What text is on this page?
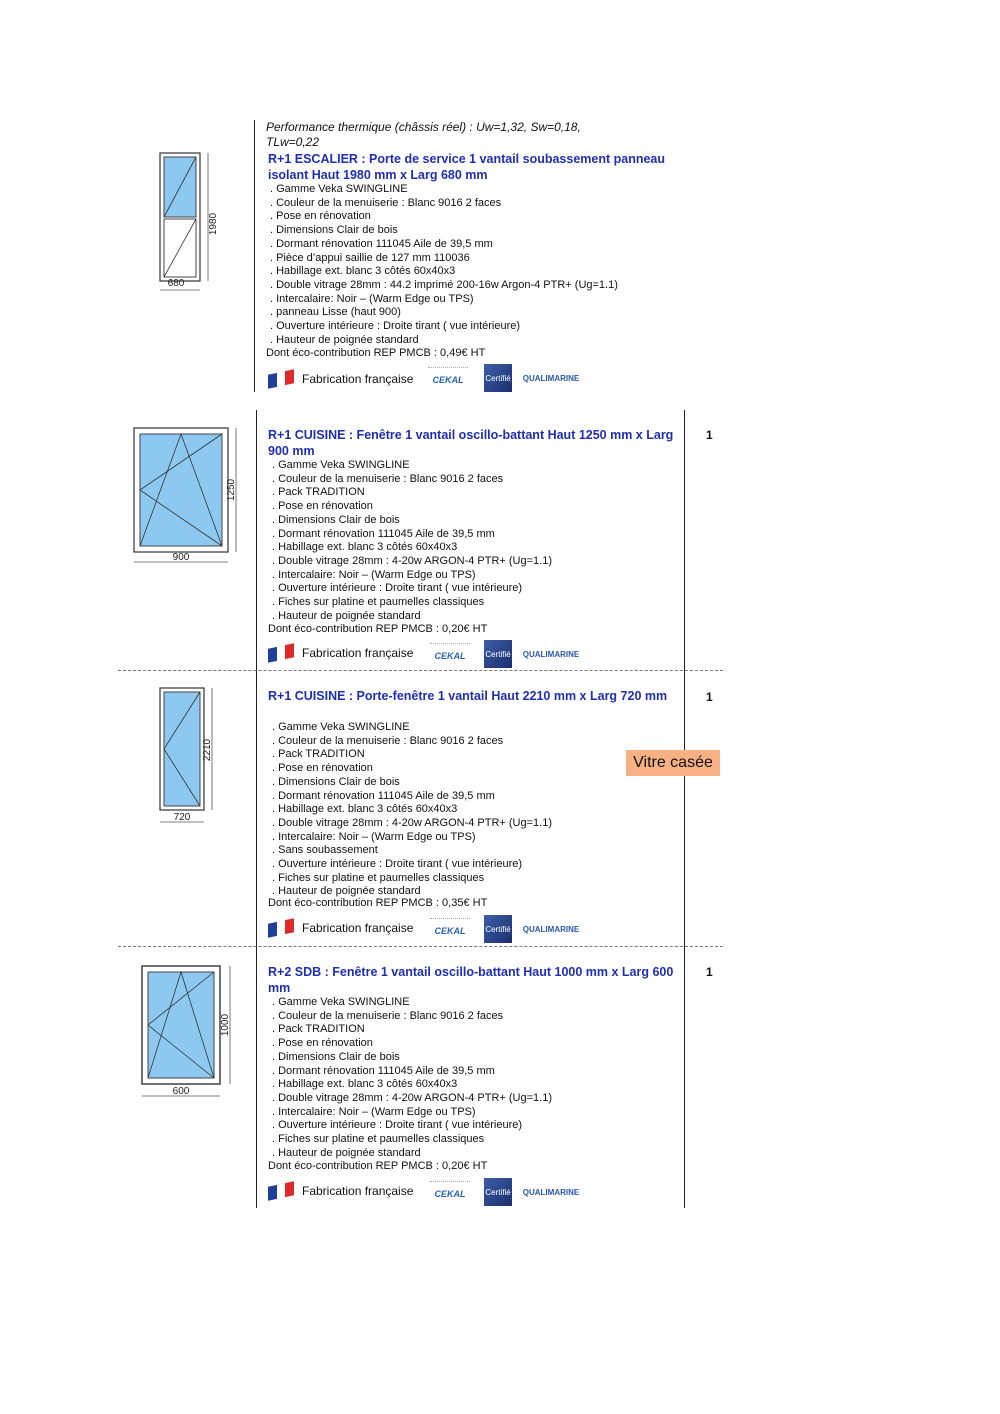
Performance thermique (châssis réel) : Uw=1,32, Sw=0,18, TLw=0,22

R+1 ESCALIER : Porte de service 1 vantail soubassement panneau isolant Haut 1980 mm x Larg 680 mm

. Gamme Veka SWINGLINE
. Couleur de la menuiserie : Blanc 9016 2 faces
. Pose en rénovation
. Dimensions Clair de bois
. Dormant rénovation 111045 Aile de 39,5 mm
. Pièce d’appui saillie de 127 mm 110036
. Habillage ext. blanc 3 côtés 60x40x3
. Double vitrage 28mm : 44.2 imprimé 200-16w Argon-4 PTR+ (Ug=1.1)
. Intercalaire: Noir – (Warm Edge ou TPS)
. panneau Lisse (haut 900)
. Ouverture intérieure : Droite tirant ( vue intérieure)
. Hauteur de poignée standard
Dont éco-contribution REP PMCB : 0,49€ HT
1980
680
Fabrication française	CEKAL	Certifié QUALIMARINE

R+1 CUISINE : Fenêtre 1 vantail oscillo-battant Haut 1250 mm x Larg 900 mm

. Gamme Veka SWINGLINE
. Couleur de la menuiserie : Blanc 9016 2 faces
. Pack TRADITION
. Pose en rénovation
. Dimensions Clair de bois
. Dormant rénovation 111045 Aile de 39,5 mm
. Habillage ext. blanc 3 côtés 60x40x3
. Double vitrage 28mm : 4-20w ARGON-4 PTR+ (Ug=1.1)
. Intercalaire: Noir – (Warm Edge ou TPS)
. Ouverture intérieure : Droite tirant ( vue intérieure)
. Fiches sur platine et paumelles classiques
. Hauteur de poignée standard
Dont éco-contribution REP PMCB : 0,20€ HT
1
1250
900
Fabrication française	CEKAL	Certifié QUALIMARINE

R+1 CUISINE : Porte-fenêtre 1 vantail Haut 2210 mm x Larg 720 mm

. Gamme Veka SWINGLINE
. Couleur de la menuiserie : Blanc 9016 2 faces
. Pack TRADITION
. Pose en rénovation
. Dimensions Clair de bois
. Dormant rénovation 111045 Aile de 39,5 mm
. Habillage ext. blanc 3 côtés 60x40x3
. Double vitrage 28mm : 4-20w ARGON-4 PTR+ (Ug=1.1)
. Intercalaire: Noir – (Warm Edge ou TPS)
. Sans soubassement
. Ouverture intérieure : Droite tirant ( vue intérieure)
. Fiches sur platine et paumelles classiques
. Hauteur de poignée standard
Dont éco-contribution REP PMCB : 0,35€ HT
1
Vitre casée
2210
720
Fabrication française	CEKAL	Certifié QUALIMARINE

R+2 SDB : Fenêtre 1 vantail oscillo-battant Haut 1000 mm x Larg 600 mm

. Gamme Veka SWINGLINE
. Couleur de la menuiserie : Blanc 9016 2 faces
. Pack TRADITION
. Pose en rénovation
. Dimensions Clair de bois
. Dormant rénovation 111045 Aile de 39,5 mm
. Habillage ext. blanc 3 côtés 60x40x3
. Double vitrage 28mm : 4-20w ARGON-4 PTR+ (Ug=1.1)
. Intercalaire: Noir – (Warm Edge ou TPS)
. Ouverture intérieure : Droite tirant ( vue intérieure)
. Fiches sur platine et paumelles classiques
. Hauteur de poignée standard
Dont éco-contribution REP PMCB : 0,20€ HT
1
1000
600
Fabrication française	CEKAL	Certifié QUALIMARINE
